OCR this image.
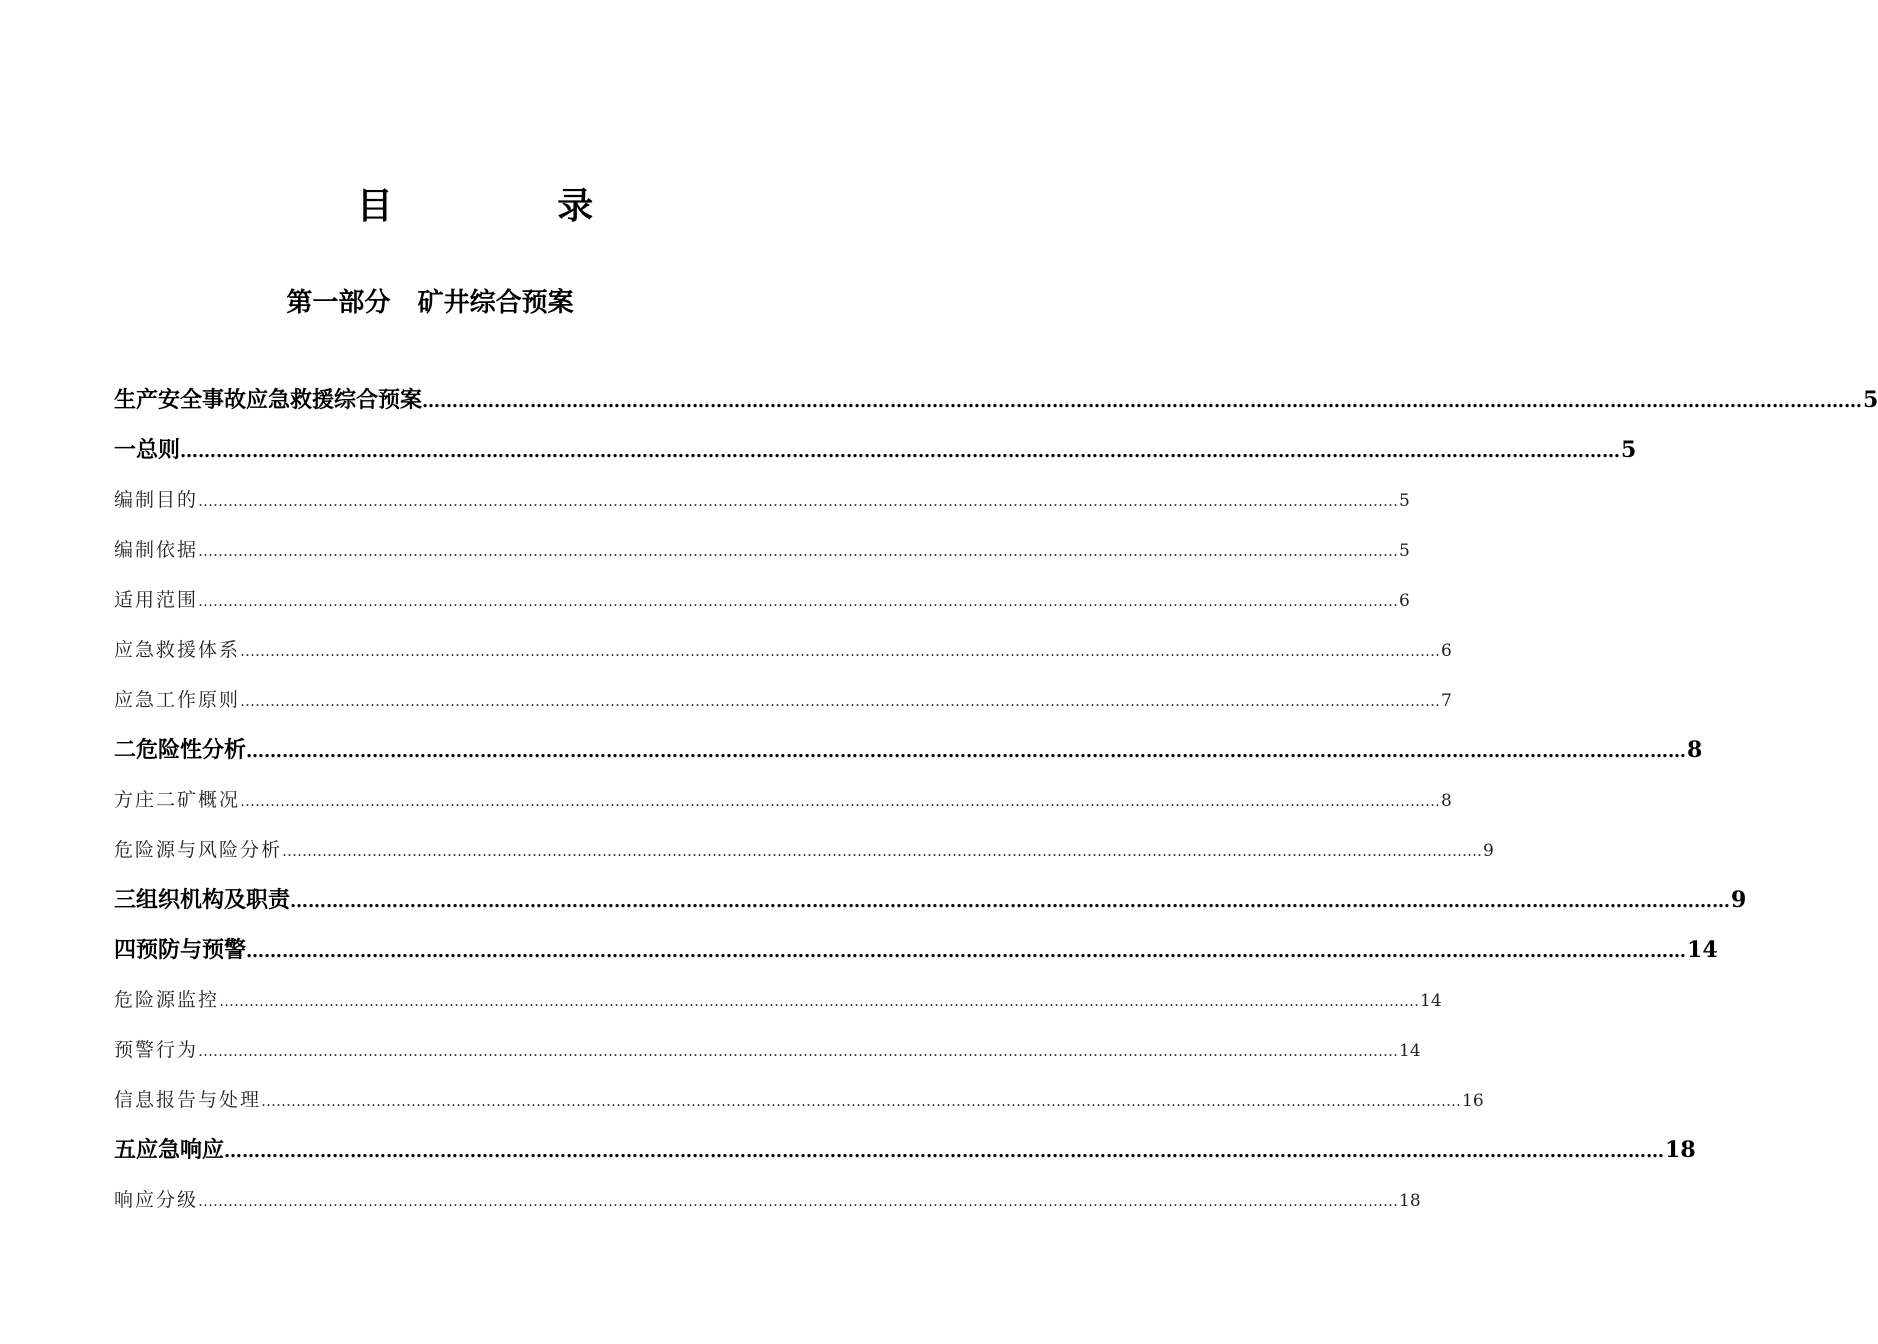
目 录
第一部分   矿井综合预案
生产安全事故应急救援综合预案 …………………………………………………………………………………………………………………………………………………………………………………………………………………… 5
一 总则 …………………………………………………………………………………………………………………………………………………………………………………………………………………… 5
编制目的 …………………………………………………………………………………………………………………………………………………………………………………………………………………… 5
编制依据 …………………………………………………………………………………………………………………………………………………………………………………………………………………… 5
适用范围 …………………………………………………………………………………………………………………………………………………………………………………………………………………… 6
应急救援体系 …………………………………………………………………………………………………………………………………………………………………………………………………………………… 6
应急工作原则 …………………………………………………………………………………………………………………………………………………………………………………………………………………… 7
二 危险性分析 …………………………………………………………………………………………………………………………………………………………………………………………………………………… 8
方庄二矿概况 …………………………………………………………………………………………………………………………………………………………………………………………………………………… 8
危险源与风险分析 …………………………………………………………………………………………………………………………………………………………………………………………………………………… 9
三 组织机构及职责 …………………………………………………………………………………………………………………………………………………………………………………………………………………… 9
四 预防与预警 …………………………………………………………………………………………………………………………………………………………………………………………………………………… 14
危险源监控 …………………………………………………………………………………………………………………………………………………………………………………………………………………… 14
预警行为 …………………………………………………………………………………………………………………………………………………………………………………………………………………… 14
信息报告与处理 …………………………………………………………………………………………………………………………………………………………………………………………………………………… 16
五 应急响应 …………………………………………………………………………………………………………………………………………………………………………………………………………………… 18
响应分级 …………………………………………………………………………………………………………………………………………………………………………………………………………………… 18
